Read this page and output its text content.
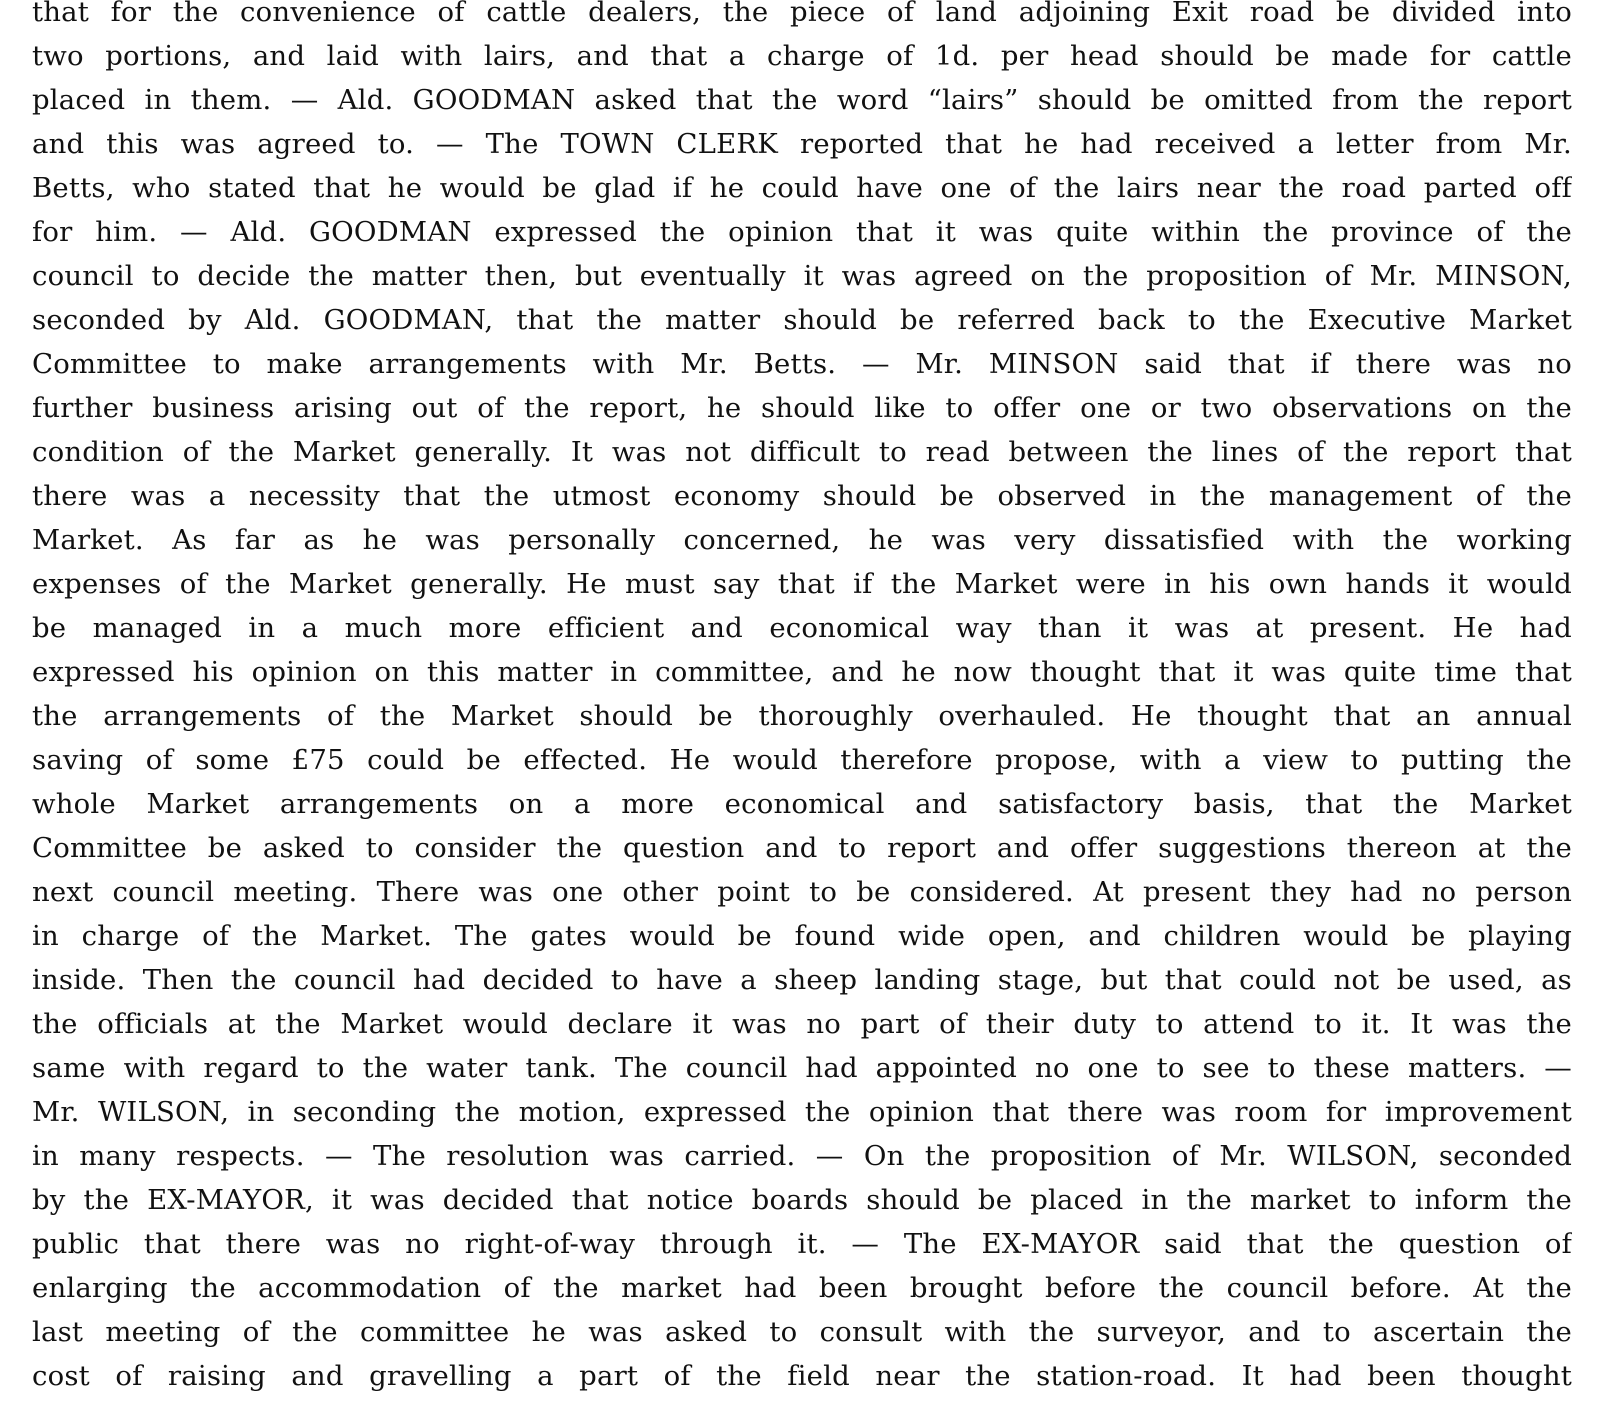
that for the convenience of cattle dealers, the piece of land adjoining Exit road be divided into
two portions, and laid with lairs, and that a charge of 1d. per head should be made for cattle
placed in them. — Ald. GOODMAN asked that the word “lairs” should be omitted from the report
and this was agreed to. — The TOWN CLERK reported that he had received a letter from Mr.
Betts, who stated that he would be glad if he could have one of the lairs near the road parted off
for him. — Ald. GOODMAN expressed the opinion that it was quite within the province of the
council to decide the matter then, but eventually it was agreed on the proposition of Mr. MINSON,
seconded by Ald. GOODMAN, that the matter should be referred back to the Executive Market
Committee to make arrangements with Mr. Betts. — Mr. MINSON said that if there was no
further business arising out of the report, he should like to offer one or two observations on the
condition of the Market generally. It was not difficult to read between the lines of the report that
there was a necessity that the utmost economy should be observed in the management of the
Market. As far as he was personally concerned, he was very dissatisfied with the working
expenses of the Market generally. He must say that if the Market were in his own hands it would
be managed in a much more efficient and economical way than it was at present. He had
expressed his opinion on this matter in committee, and he now thought that it was quite time that
the arrangements of the Market should be thoroughly overhauled. He thought that an annual
saving of some £75 could be effected. He would therefore propose, with a view to putting the
whole Market arrangements on a more economical and satisfactory basis, that the Market
Committee be asked to consider the question and to report and offer suggestions thereon at the
next council meeting. There was one other point to be considered. At present they had no person
in charge of the Market. The gates would be found wide open, and children would be playing
inside. Then the council had decided to have a sheep landing stage, but that could not be used, as
the officials at the Market would declare it was no part of their duty to attend to it. It was the
same with regard to the water tank. The council had appointed no one to see to these matters. —
Mr. WILSON, in seconding the motion, expressed the opinion that there was room for improvement
in many respects. — The resolution was carried. — On the proposition of Mr. WILSON, seconded
by the EX-MAYOR, it was decided that notice boards should be placed in the market to inform the
public that there was no right-of-way through it. — The EX-MAYOR said that the question of
enlarging the accommodation of the market had been brought before the council before. At the
last meeting of the committee he was asked to consult with the surveyor, and to ascertain the
cost of raising and gravelling a part of the field near the station-road. It had been thought
